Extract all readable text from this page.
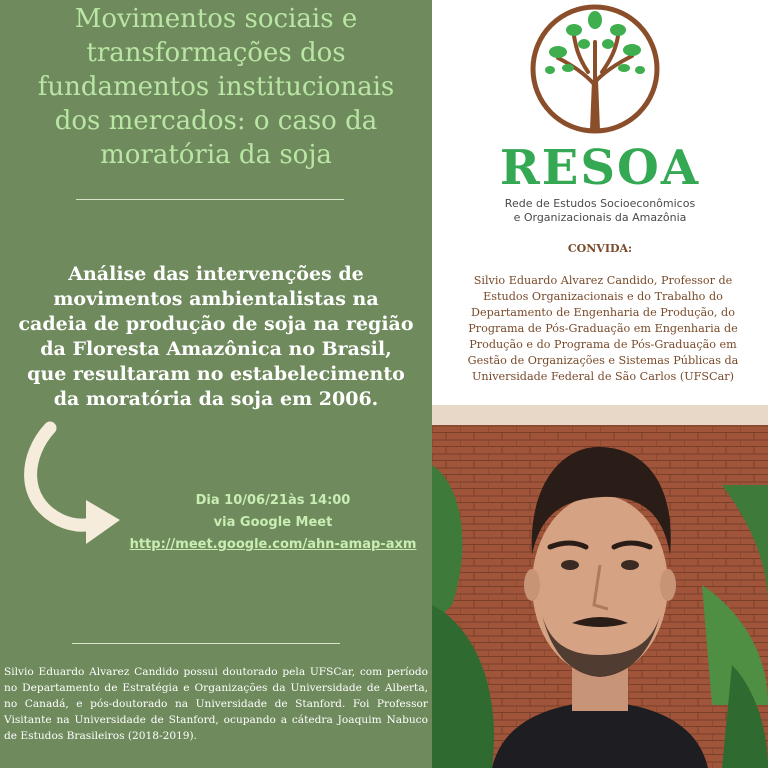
Movimentos sociais e transformações dos fundamentos institucionais dos mercados: o caso da moratória da soja
Análise das intervenções de movimentos ambientalistas na cadeia de produção de soja na região da Floresta Amazônica no Brasil, que resultaram no estabelecimento da moratória da soja em 2006.
Dia 10/06/21às 14:00
via Google Meet
http://meet.google.com/ahn-amap-axm
Silvio Eduardo Alvarez Candido possui doutorado pela UFSCar, com período no Departamento de Estratégia e Organizações da Universidade de Alberta, no Canadá, e pós-doutorado na Universidade de Stanford. Foi Professor Visitante na Universidade de Stanford, ocupando a cátedra Joaquim Nabuco de Estudos Brasileiros (2018-2019).
RESOA
Rede de Estudos Socioeconômicos
e Organizacionais da Amazônia
CONVIDA:
Silvio Eduardo Alvarez Candido, Professor de Estudos Organizacionais e do Trabalho do Departamento de Engenharia de Produção, do Programa de Pós-Graduação em Engenharia de Produção e do Programa de Pós-Graduação em Gestão de Organizações e Sistemas Públicas da Universidade Federal de São Carlos (UFSCar)
